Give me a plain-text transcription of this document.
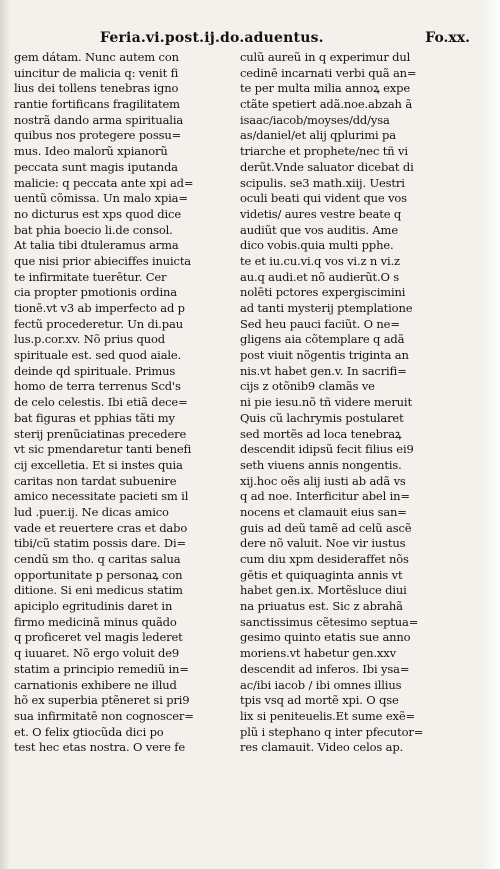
Feria.vi.post.ij.do.aduentus.	Fo.xx.
gem dátam. Nunc autem con
uincitur de malicia q: venit fi
lius dei tollens tenebras igno
rantie fortificans fragilitatem
nostrã dando arma spiritualia
quibus nos protegere possu=
mus. Ideo malorũ xpianorũ
peccata sunt magis iputanda
malicie: q peccata ante xpi ad=
uentũ cõmissa. Un malo xpia=
no dicturus est xps quod dice
bat phia boecio li.de consol.
At talia tibi dtuleramus arma
que nisi prior abieciffes inuicta
te infirmitate tuerētur. Cer
cia propter pmotionis ordina
tionē.vt v3 ab imperfecto ad p
fectũ procederetur. Un di.pau
lus.p.cor.xv. Nõ prius quod
spirituale est. sed quod aiale.
deinde qd spirituale. Primus
homo de terra terrenus Scd's
de celo celestis. Ibi etiã dece=
bat figuras et pphias tãti my
sterij prenũciatinas precedere
vt sic pmendaretur tanti benefi
cij excelletia. Et si instes quia
caritas non tardat subuenire
amico necessitate pacieti sm il
lud .puer.ij. Ne dicas amico
vade et reuertere cras et dabo
tibi/cũ statim possis dare. Di=
cendũ sm tho. q caritas salua
opportunitate p personaꝝ con
ditione. Si eni medicus statim
apiciplo egritudinis daret in
firmo medicinã minus quãdo
q proficeret vel magis lederet
q iuuaret. Nõ ergo voluit de9
statim a principio remediũ in=
carnationis exhibere ne illud
hõ ex superbia ptẽneret si pri9
sua infirmitatē non cognoscer=
et. O felix gtiocũda dici po
test hec etas nostra. O vere fe
culũ aureũ in q experimur dul
cedinē incarnati verbi quã an=
te per multa milia annoꝝ expe
ctãte spetiert adã.noe.abzah ã
isaac/iacob/moyses/dd/ysa
as/daniel/et alij qplurimi pa
triarche et prophete/nec tñ vi
derũt.Vnde saluator dicebat di
scipulis. se3 math.xiij. Uestri
oculi beati qui vident que vos
videtis/ aures vestre beate q
audiũt que vos auditis. Ame
dico vobis.quia multi pphe.
te et iu.cu.vi.q vos vi.z n vi.z
au.q audi.et nõ audierũt.O s
nolēti pctores expergiscimini
ad tanti mysterij ptemplatione
Sed heu pauci faciũt. O ne=
gligens aia cõtemplare q adã
post viuit nõgentis triginta an
nis.vt habet gen.v. In sacrifi=
cijs z otõnib9 clamãs ve
ni pie iesu.nõ tñ videre meruit
Quis cũ lachrymis postularet
sed mortẽs ad loca tenebraꝝ
descendit idipsũ fecit filius ei9
seth viuens annis nongentis.
xij.hoc oẽs alij iusti ab adã vs
q ad noe. Interficitur abel in=
nocens et clamauit eius san=
guis ad deũ tamẽ ad celũ ascẽ
dere nõ valuit. Noe vir iustus
cum diu xpm desideraffet nõs
gētis et quiquaginta annis vt
habet gen.ix. Mortẽsluce diui
na priuatus est. Sic z abrahã
sanctissimus cẽtesimo septua=
gesimo quinto etatis sue anno
moriens.vt habetur gen.xxv
descendit ad inferos. Ibi ysa=
ac/ibi iacob / ibi omnes illius
tpis vsq ad mortẽ xpi. O qse
lix si peniteuelis.Et sume exẽ=
plũ i stephano q inter pfecutor=
res clamauit. Video celos ap.
